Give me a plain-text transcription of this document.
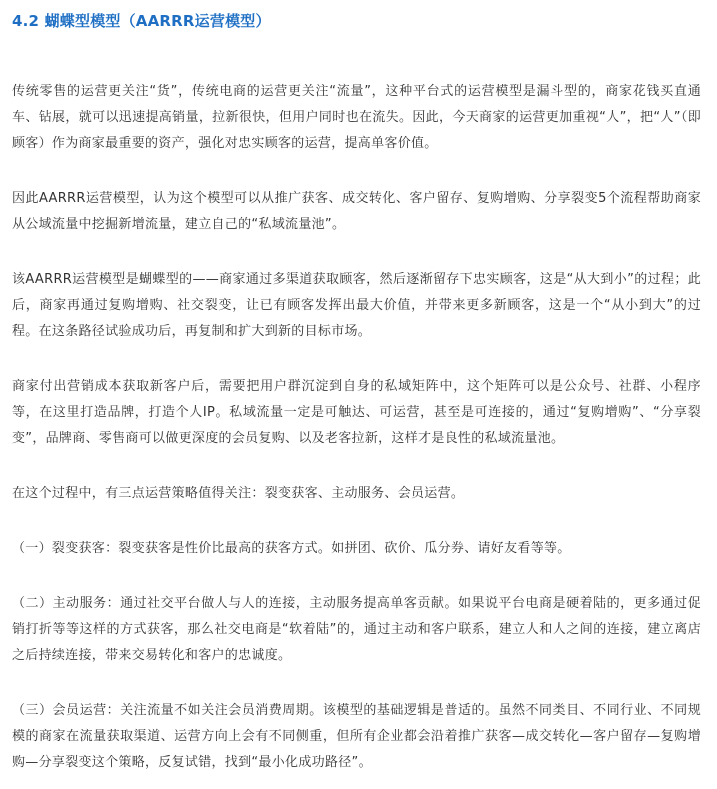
4.2 蝴蝶型模型（AARRR运营模型）

传统零售的运营更关注“货”，传统电商的运营更关注“流量”，这种平台式的运营模型是漏斗型的，商家花钱买直通车、钻展，就可以迅速提高销量，拉新很快，但用户同时也在流失。因此，今天商家的运营更加重视“人”，把“人”（即顾客）作为商家最重要的资产，强化对忠实顾客的运营，提高单客价值。

因此AARRR运营模型，认为这个模型可以从推广获客、成交转化、客户留存、复购增购、分享裂变5个流程帮助商家从公域流量中挖掘新增流量，建立自己的“私域流量池”。

该AARRR运营模型是蝴蝶型的——商家通过多渠道获取顾客，然后逐渐留存下忠实顾客，这是“从大到小”的过程；此后，商家再通过复购增购、社交裂变，让已有顾客发挥出最大价值，并带来更多新顾客，这是一个“从小到大”的过程。在这条路径试验成功后，再复制和扩大到新的目标市场。

商家付出营销成本获取新客户后，需要把用户群沉淀到自身的私域矩阵中，这个矩阵可以是公众号、社群、小程序等，在这里打造品牌，打造个人IP。私域流量一定是可触达、可运营，甚至是可连接的，通过“复购增购”、“分享裂变”，品牌商、零售商可以做更深度的会员复购、以及老客拉新，这样才是良性的私域流量池。

在这个过程中，有三点运营策略值得关注：裂变获客、主动服务、会员运营。

（一）裂变获客：裂变获客是性价比最高的获客方式。如拼团、砍价、瓜分券、请好友看等等。

（二）主动服务：通过社交平台做人与人的连接，主动服务提高单客贡献。如果说平台电商是硬着陆的，更多通过促销打折等等这样的方式获客，那么社交电商是“软着陆”的，通过主动和客户联系，建立人和人之间的连接，建立离店之后持续连接，带来交易转化和客户的忠诚度。

（三）会员运营：关注流量不如关注会员消费周期。该模型的基础逻辑是普适的。虽然不同类目、不同行业、不同规模的商家在流量获取渠道、运营方向上会有不同侧重，但所有企业都会沿着推广获客—成交转化—客户留存—复购增购—分享裂变这个策略，反复试错，找到“最小化成功路径”。
